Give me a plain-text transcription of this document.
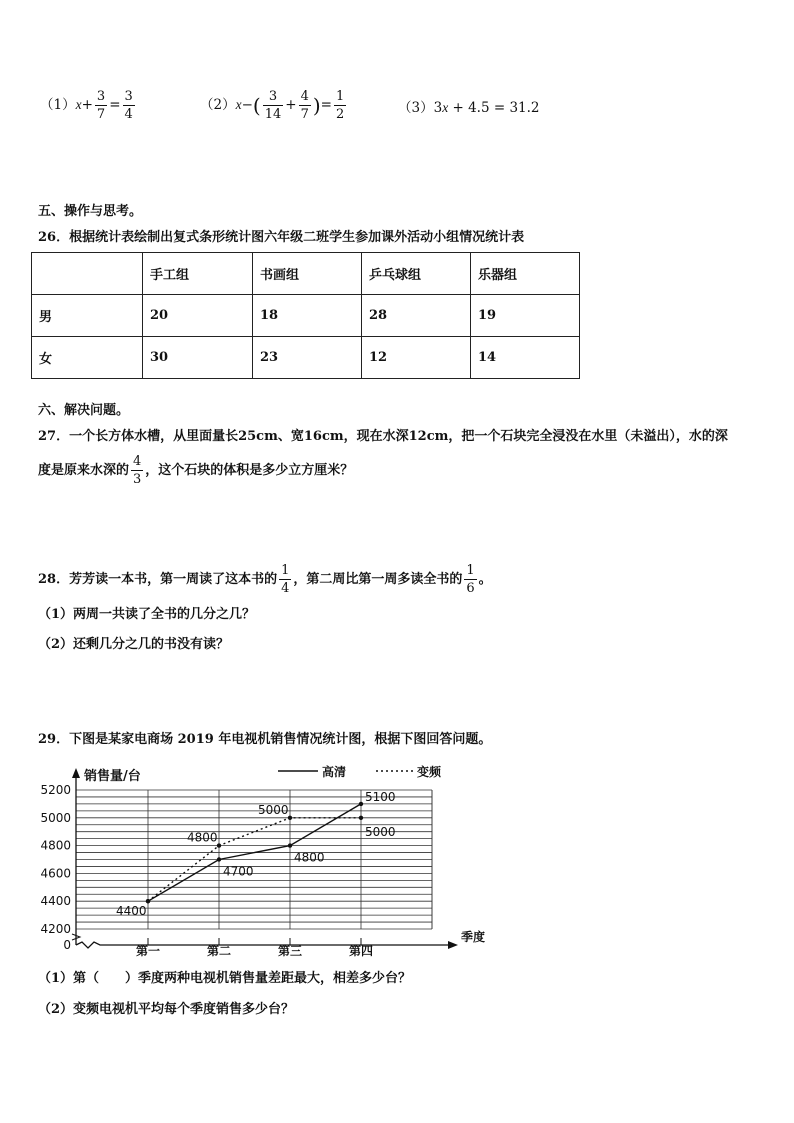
$(1)x+ \frac{3}{7} = \frac{3}{4}$	$(2)x-( \frac{3}{14} + \frac{4}{7}$ )= $\frac{1}{2}$	（3）3x + 4.5 = 31.2
五、操作与思考。
26．根据统计表绘制出复式条形统计图六年级二班学生参加课外活动小组情况统计表
	手工组	书画组	乒乓球组	乐器组
男	20	18	28	19
女	30	23	12	14
六、解决问题。
27．一个长方体水槽，从里面量长25cm、宽16cm，现在水深12cm，把一个石块完全浸没在水里（未溢出），水的深
度是原来水深的 $\frac{4}{3}$ ，这个石块的体积是多少立方厘米？
28．芳芳读一本书，第一周读了这本书的 $\frac{1}{4}$ ，第二周比第一周多读全书的 $\frac{1}{6}$ 。
（1）两周一共读了全书的几分之几？
（2）还剩几分之几的书没有读？
29．下图是某家电商场 2019 年电视机销售情况统计图，根据下图回答问题。
销售量/台
季度
0
4200
4400
4600
4800
5000
5200
第一	第二	第三	第四
4400
4700
4800
5100
4800
5000
5000
高清	变频
（1）第（　　）季度两种电视机销售量差距最大，相差多少台？
（2）变频电视机平均每个季度销售多少台？
